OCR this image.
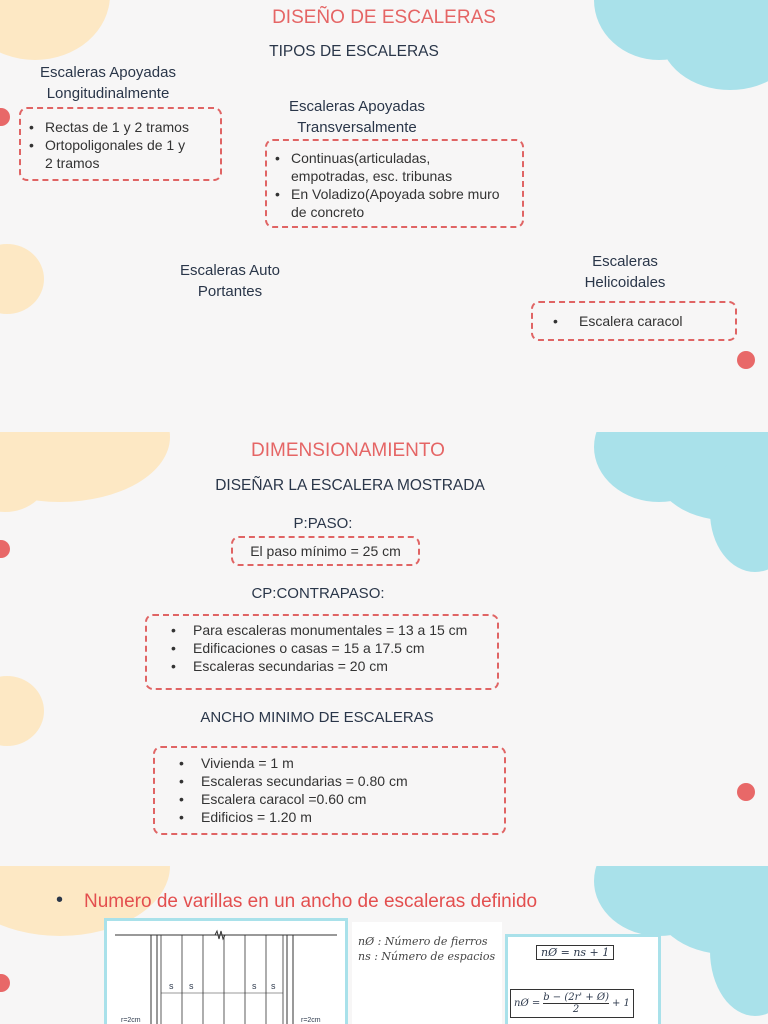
DISEÑO DE ESCALERAS
TIPOS DE ESCALERAS
Escaleras Apoyadas
Longitudinalmente
• Rectas de 1 y 2 tramos
• Ortopoligonales de 1 y
2 tramos
Escaleras Apoyadas
Transversalmente
• Continuas(articuladas,
empotradas, esc. tribunas
• En Voladizo(Apoyada sobre muro
de concreto
Escaleras Auto
Portantes
Escaleras
Helicoidales
• Escalera caracol
DIMENSIONAMIENTO
DISEÑAR LA ESCALERA MOSTRADA
P:PASO:
El paso mínimo = 25 cm
CP:CONTRAPASO:
• Para escaleras monumentales = 13 a 15 cm
• Edificaciones o casas = 15 a 17.5 cm
• Escaleras secundarias = 20 cm
ANCHO MINIMO DE ESCALERAS
• Vivienda = 1 m
• Escaleras secundarias = 0.80 cm
• Escalera caracol =0.60 cm
• Edificios = 1.20 m
• Numero de varillas en un ancho de escaleras definido
s s	s s
r=2cm	r=2cm
nØ : Número de fierros
ns : Número de espacios	nØ = ns + 1
nØ = $\frac{b - (2r' + Ø)}{2} + 1$
